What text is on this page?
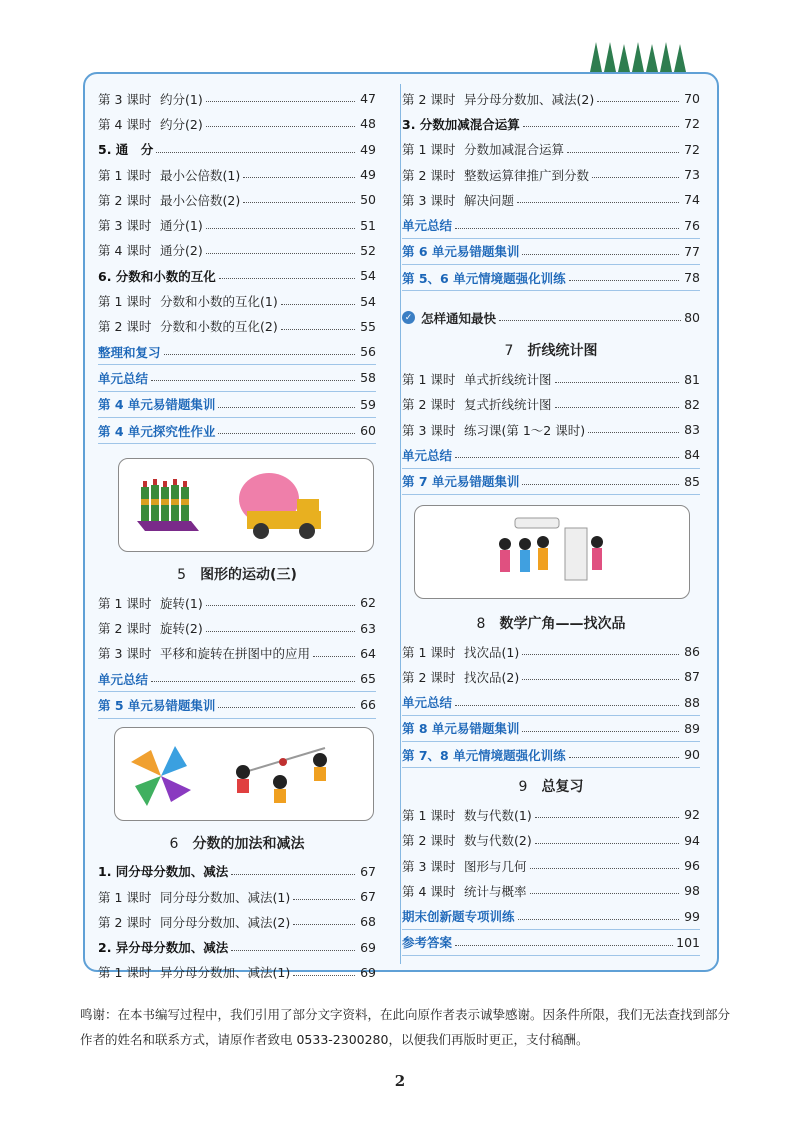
第 3 课时 约分(1)	47
第 4 课时 约分(2)	48
5. 通　分	49
第 1 课时 最小公倍数(1)	49
第 2 课时 最小公倍数(2)	50
第 3 课时 通分(1)	51
第 4 课时 通分(2)	52
6. 分数和小数的互化	54
第 1 课时 分数和小数的互化(1)	54
第 2 课时 分数和小数的互化(2)	55
整理和复习	56
单元总结	58
第 4 单元易错题集训	59
第 4 单元探究性作业	60
5 图形的运动(三)
第 1 课时 旋转(1)	62
第 2 课时 旋转(2)	63
第 3 课时 平移和旋转在拼图中的应用	64
单元总结	65
第 5 单元易错题集训	66
6 分数的加法和减法
1. 同分母分数加、减法	67
第 1 课时 同分母分数加、减法(1)	67
第 2 课时 同分母分数加、减法(2)	68
2. 异分母分数加、减法	69
第 1 课时 异分母分数加、减法(1)	69
第 2 课时 异分母分数加、减法(2)	70
3. 分数加减混合运算	72
第 1 课时 分数加减混合运算	72
第 2 课时 整数运算律推广到分数	73
第 3 课时 解决问题	74
单元总结	76
第 6 单元易错题集训	77
第 5、6 单元情境题强化训练	78
✓ 怎样通知最快	80
7 折线统计图
第 1 课时 单式折线统计图	81
第 2 课时 复式折线统计图	82
第 3 课时 练习课(第 1～2 课时)	83
单元总结	84
第 7 单元易错题集训	85
8 数学广角——找次品
第 1 课时 找次品(1)	86
第 2 课时 找次品(2)	87
单元总结	88
第 8 单元易错题集训	89
第 7、8 单元情境题强化训练	90
9 总复习
第 1 课时 数与代数(1)	92
第 2 课时 数与代数(2)	94
第 3 课时 图形与几何	96
第 4 课时 统计与概率	98
期末创新题专项训练	99
参考答案	101
鸣谢：在本书编写过程中，我们引用了部分文字资料，在此向原作者表示诚挚感谢。因条件所限，我们无法查找到部分作者的姓名和联系方式，请原作者致电 0533-2300280，以便我们再版时更正，支付稿酬。
2
